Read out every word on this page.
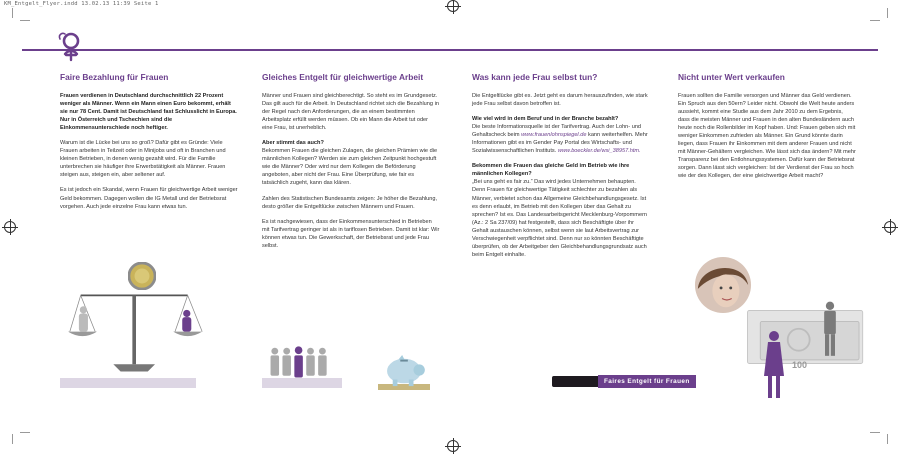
KM_Entgelt_Flyer.indd 13.02.13 11:39 Seite 1
Faire Bezahlung für Frauen

Frauen verdienen in Deutschland durchschnittlich 22 Prozent weniger als Männer. Wenn ein Mann einen Euro bekommt, erhält sie nur 78 Cent. Damit ist Deutschland fast Schlusslicht in Europa. Nur in Österreich und Tschechien sind die Einkommensunterschiede noch heftiger.

Warum ist die Lücke bei uns so groß? Dafür gibt es Gründe: Viele Frauen arbeiten in Teilzeit oder in Minijobs und oft in Branchen und kleinen Betrieben, in denen wenig gezahlt wird. Für die Familie unterbrechen sie häufiger ihre Erwerbstätigkeit als Männer. Frauen steigen aus, steigen ein, aber seltener auf.

Es ist jedoch ein Skandal, wenn Frauen für gleichwertige Arbeit weniger Geld bekommen. Dagegen wollen die IG Metall und der Betriebsrat vorgehen. Auch jede einzelne Frau kann etwas tun.

Gleiches Entgelt für gleichwertige Arbeit

Männer und Frauen sind gleichberechtigt. So steht es im Grundgesetz. Das gilt auch für die Arbeit. In Deutschland richtet sich die Bezahlung in der Regel nach den Anforderungen, die an einem bestimmten Arbeitsplatz erfüllt werden müssen. Ob ein Mann die Arbeit tut oder eine Frau, ist unerheblich.

Aber stimmt das auch?

Bekommen Frauen die gleichen Zulagen, die gleichen Prämien wie die männlichen Kollegen? Werden sie zum gleichen Zeitpunkt hochgestuft wie die Männer? Oder wird nur dem Kollegen die Beförderung angeboten, aber nicht der Frau. Eine Überprüfung, wie fair es tatsächlich zugeht, kann das klären.

Zahlen des Statistischen Bundesamts zeigen: Je höher die Bezahlung, desto größer die Entgeltlücke zwischen Männern und Frauen.

Es ist nachgewiesen, dass der Einkommensunterschied in Betrieben mit Tarifvertrag geringer ist als in tariflosen Betrieben. Damit ist klar: Wir können etwas tun. Die Gewerkschaft, der Betriebsrat und jede Frau selbst.

Was kann jede Frau selbst tun?

Die Entgeltlücke gibt es. Jetzt geht es darum herauszufinden, wie stark jede Frau selbst davon betroffen ist.

Wie viel wird in dem Beruf und in der Branche bezahlt?

Die beste Informationsquelle ist der Tarifvertrag. Auch der Lohn- und Gehaltscheck beim www.frauenlohnspiegel.de kann weiterhelfen. Mehr Informationen gibt es im Gender Pay Portal des Wirtschafts- und Sozialwissenschaftlichen Instituts. www.boeckler.de/wsi_38957.htm.

Bekommen die Frauen das gleiche Geld im Betrieb wie ihre männlichen Kollegen?

„Bei uns geht es fair zu.“ Das wird jedes Unternehmen behaupten. Denn Frauen für gleichwertige Tätigkeit schlechter zu bezahlen als Männer, verbietet schon das Allgemeine Gleichbehandlungsgesetz. Ist es denn erlaubt, im Betrieb mit den Kollegen über das Gehalt zu sprechen? Ist es. Das Landesarbeitsgericht Mecklenburg-Vorpommern (Az.: 2 Sa 237/09) hat festgestellt, dass sich Beschäftigte über ihr Gehalt austauschen können, selbst wenn sie laut Arbeitsvertrag zur Verschwiegenheit verpflichtet sind. Denn nur so könnten Beschäftigte überprüfen, ob der Arbeitgeber den Gleichbehandlungsgrundsatz auch beim Entgelt einhalte.

Nicht unter Wert verkaufen

Frauen sollten die Familie versorgen und Männer das Geld verdienen. Ein Spruch aus den 50ern? Leider nicht. Obwohl die Welt heute anders aussieht, kommt eine Studie aus dem Jahr 2010 zu dem Ergebnis, dass die meisten Männer und Frauen in den alten Bundesländern auch heute noch die Rollenbilder im Kopf haben. Und: Frauen geben sich mit weniger Einkommen zufrieden als Männer. Ein Grund könnte darin liegen, dass Frauen ihr Einkommen mit dem anderer Frauen und nicht mit Männer-Gehältern vergleichen. Wie lässt sich das ändern? Mit mehr Transparenz bei den Entlohnungssystemen. Dafür kann der Betriebsrat sorgen. Dann lässt sich vergleichen: Ist der Verdienst der Frau so hoch wie der des Kollegen, der eine gleichwertige Arbeit macht?

100
Faires Entgelt für Frauen
